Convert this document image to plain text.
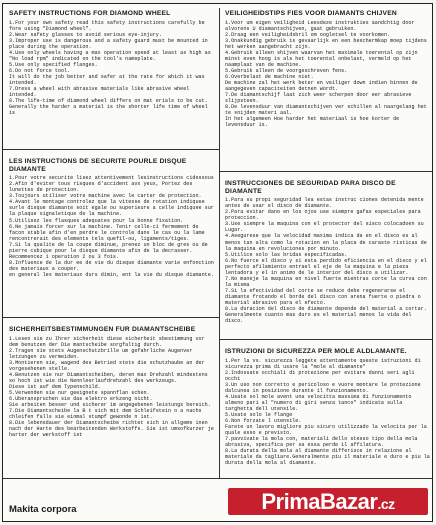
SAFETY INSTRUCTIONS FOR DIAMOND WHEEL
1.For your own safety read this safety instructions carefully be fore using "Diamond wheel".
2.Wear safety glasses to avoid serious eye-injury.
3.Improper use is dangerous and a safety guard must be mounted in place during the operation.
4.Use only wheels having a max operation speed at least as high as "No load rpm" indicated on the tool's nameplate.
5.Use only specified flanges.
6.Do not force tool.
It will do the job better and safer at the rate for which it was intended.
7.Dress a wheel with abrasive materials like abrasive wheel intended.
8.The life-time of diamond wheel differs on mat erials to be cut. Generally the harder a material is the shorter life time of wheel is
LES INSTRUCTIONS DE SECURITE POURLE DISQUE DIAMANTE
1.Pour votre securite lisez attentivement lesinstructions cidessous
2.Afin d'eviter tous risques d'accident avx yeux, Portez des lunettes de protection.
3.Toujours utiliser votre machine avec le carter de protection.
4.Avant le montage controlez que la vitesse de rotation indiquee surle disque diamante soit egale ou superieure a celle indiquee sur la plaque signaletique de la machine.
5.Utilisez les flasques adequates pour la bonne fixation.
6.Ne jamais forcer sur la machine. Tenir celle-ci fermement de facon stable afin d'en perdre le controle dans le cas ou la lame rencontrerait des elements tels quefil-ou, ligaments/tiges.
7.Si la qualite de la coupe diminue, prenez un bloc de gres ou de pierre cubique pour le disque diamante afin de la decrasser. Recommencez 1 operation 2 ou 3 fois.
8.Influence de la dur ee de vie du disque diamante varie enfonction des materiaux a couper.
en general les materiaux durs dimin, ent la vie du disque diamante.
SICHERHEITSBESTIMMUNGEN FUR DIAMANTSCHEIBE
1.Lesen sie zu Ihrer sicherheit diese sicherheit sbestimmung vor dem benutzen der Die mantscheibe sorgfaltig durch.
2.Tragen sie stets Augenschutzbrille um gefahrliche Augenver letzungen zu vermeiden.
3.Montieren sie, wagend des Betried stets die schutzhaube an der vorgesehenen stelle.
4.Benutzen sie nur Diamantscheiben, deren max Drehzahl mindestens so hoch ist wie die Nennleerlaufdrehzahl des werkzeugs.
Diese ist auf dem Typenschild.
5.Verwenden sie nur geeignete spannflan schen.
6.Uberanspruchen sie das elektro erkzeng nicht.
Sie arbeiten besser und sicherer im angegebenen leistungs bereich.
7.Die Diamantscheibe la B t sich mit dem Schleifstein o a nachs chleifen falls sie einmal stumpf gewonde n ist.
8.Die lebensdauer der Diamantscheibe richtet sich in allgeme inen nach der Harte des bearbeitenden Werkstoffs. Sie ist umsofkurzer je harter der werkstoff ist
VEILIGHEIDSTIPS FIES VOOR DIAMANTS CHIJVEN
1.Voor um eigen veiligheid Leesdeze instrukties aandchtig door alvorens U diamantschijven, gaat gebruiken.
2.Draag een veiligheidsbril om oogletsel te voorkomen.
3.Onakkundig gebruik is gevaarlijk en een beschermkap moep tijdens het werken aangebracht zijn.
4.Gebruik alleen shijven waarvan het maximale toerental op zijn minst even hoog is als het toerental onbelast, vermeld op het naamplaat van de machine.
5.Gebruik alleen de voorgeschreven fens.
6.Overbelast de machine niet.
De machine zal het werk beter en veiliger down indien binnen de aangegeven capaciteiten detnen wordt.
7.De diamantschijf laat zich weer scherpen door eer abrasieve slijpsteen.
8.De levensduur van diamantschijven ver schillen al naargelang het te snijden materi aal.
In het algemeen Hoe harder het materiaal is hoe korter de levensduur is.
INSTRUCCIONES DE SEGURIDAD PARA DISCO DE DIAMANTE
1.Para su propi seguridad lea estas instruc ciones detenida mente antes de usar el disco de diamante.
2.Para evitar dano en los ojos use siempre gafas especiales para proteccion.
3.Use siempre la maquina con el protector del sisco colocadoen su Lugar.
4.Asegurese que la velocidad maxima indica da en el disco es al menos tan alta como la rotacion en la placa de caraste risticas de la maquina en revoluciones por minuto.
5.Utilice solo las bridas especificadas.
6.No fuerce el disco y si esta perdido eficiencia en el disco y el perfecto afilamiento entrael el eje de la maquina e la pieza lentadora y el in animo de le interior del disco a utilizar.
7.No maneje la maquina en nivel fuerte mientras corte la curva con la misma
7.Si la efectividad del corte se reduce debe regenerarse el diamante frotando el borde del disco con arena fuerte o piedra o material abrasivo para el efecto.
8.La duracion del disco de diamante depende del material a cortar. Generalmente cuanto mas duro es el material menos la vida del disco.
ISTRUZIONI DI SICUREZZA PER MOLE ALDLAMANTE.
1.Per la vs. sicurezza leggete attentamente queste istruzioni di sicurezza prima di usare la "mole al diamante"
2.Indossate occhiali di protezione per evitare danni seri agli occhi
3.Un uso non corretto e pericoloso e vuore montare le protezione dalcunea in posizione durante il funzionamento.
4.Usate sol mole avent una velocitta massima di funzionamento almeno pari al "numero di giri senza tanco" indicata sulla targhetta dell utensile.
5.Usate solo le flange
6.Non forzate l utensile.
Farete un lavoro migliore piu sicuro utilizzado la velocita per la quale esso e previsto.
7.pavvivate la mola con, materiali dello stesso tipo della mola abrasiva, specifica per sa essa perde il affilatura.
8.La durata della mola al diamante differisce in relazione al materiale da tagliare.Generalmente piu il materiale e duro e piu la durata della mola al diamante.
Makita corpora	PrimaBazar.cz
